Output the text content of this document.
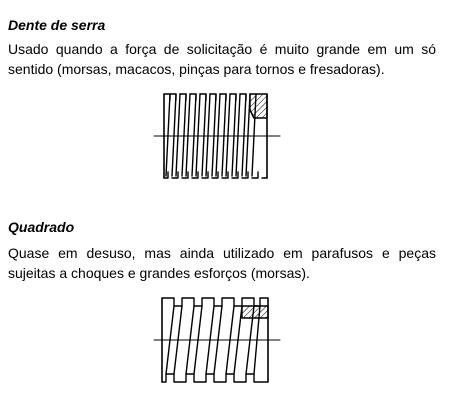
Dente de serra

Usado quando a força de solicitação é muito grande em um só
sentido (morsas, macacos, pinças para tornos e fresadoras).

Quadrado

Quase em desuso, mas ainda utilizado em parafusos e peças
sujeitas a choques e grandes esforços (morsas).
